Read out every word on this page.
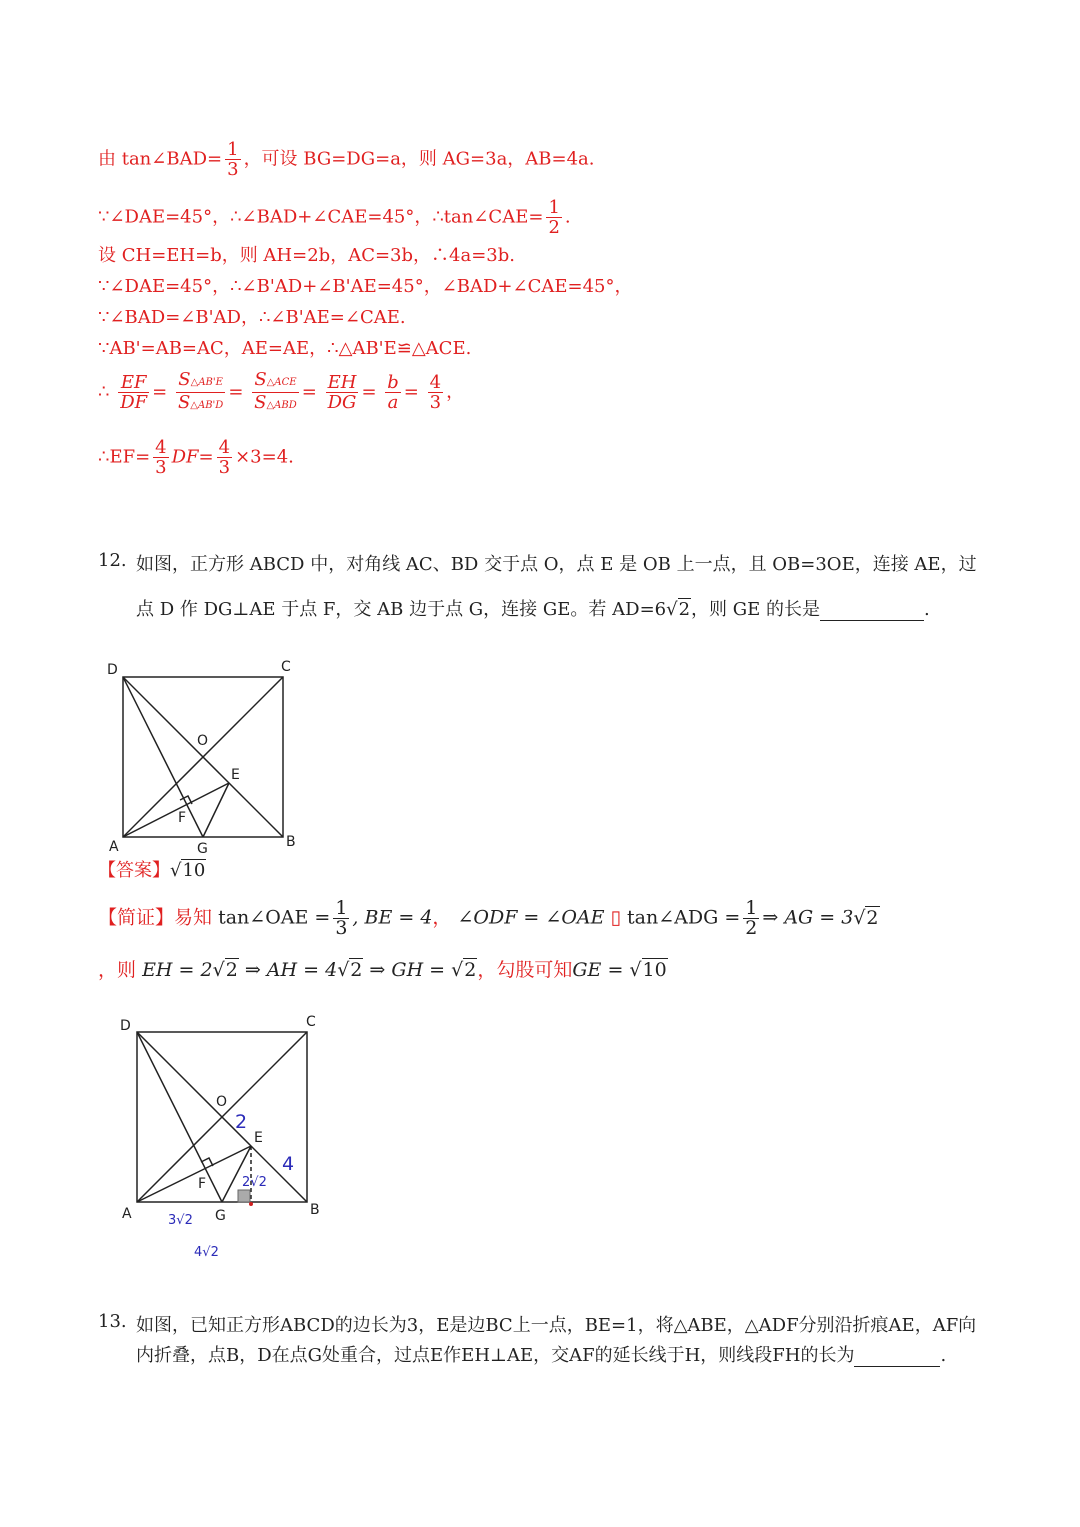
由 tan∠BAD= $\frac{1}{3}$ ，可设 BG=DG=a，则 AG=3a，AB=4a.
∵∠DAE=45°，∴∠BAD+∠CAE=45°，∴tan∠CAE= $\frac{1}{2}$ .
设 CH=EH=b，则 AH=2b，AC=3b，∴4a=3b.
∵∠DAE=45°，∴∠B'AD+∠B'AE=45°，∠BAD+∠CAE=45°，
∵∠BAD=∠B'AD，∴∠B'AE=∠CAE.
∵AB'=AB=AC，AE=AE，∴△AB'E≌△ACE.
∴ $\frac{EF}{DF} = \frac{S\triangle AB'E}{S\triangle AB'D} = \frac{\text{S△ACE}}{\text{S△ABD}} = \frac{EH}{DG} = \frac{b}{a} = \frac{4}{3}$ ，
∴EF= $\frac{4}{3} DF= \frac{4}{3} \times 3=4$.
12. 如图，正方形 ABCD 中，对角线 AC、BD 交于点 O，点 E 是 OB 上一点，且 OB=3OE，连接 AE，过
点 D 作 DG⊥AE 于点 F，交 AB 边于点 G，连接 GE。若 AD=6√2，则 GE 的长是	.
D	C
O
E
F
A	G	B
【答案】√10
【简证】易知 tan∠OAE = $\frac{1}{3}$ , BE = 4， ∠ODF = ∠OAE ▯ tan∠ADG = $\frac{1}{2}$ ⇒ AG = 3√2
，则 EH = 2√2 ⇒ AH = 4√2 ⇒ GH = √2，勾股可知GE = √10
D	C
O
E
F
A	G	B
2
4
2√2
3√2
4√2
13. 如图，已知正方形ABCD的边长为3，E是边BC上一点，BE=1，将△ABE，△ADF分别沿折痕AE，AF向
内折叠，点B，D在点G处重合，过点E作EH⊥AE，交AF的延长线于H，则线段FH的长为	.
